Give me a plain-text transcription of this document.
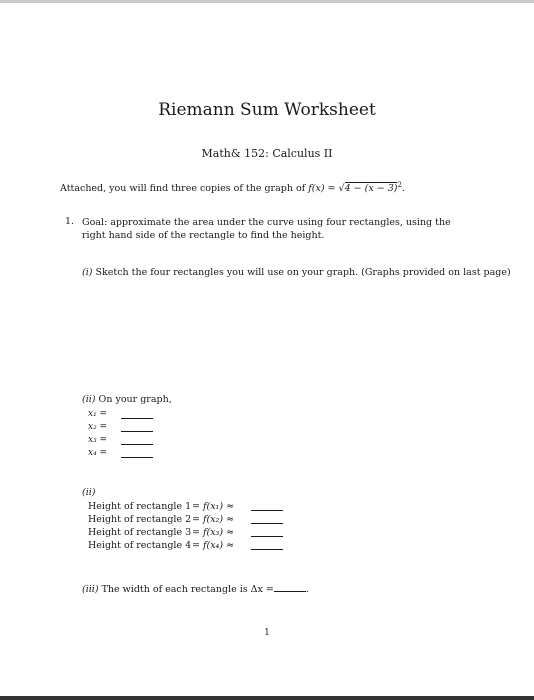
Riemann Sum Worksheet
Math& 152: Calculus II
Attached, you will find three copies of the graph of $f(x) = √4 - (x - 3)^2$.
1. Goal: approximate the area under the curve using four rectangles, using the right hand side of the rectangle to find the height.
(i) Sketch the four rectangles you will use on your graph. (Graphs provided on last page)
(ii) On your graph,
x₁ =
x₂ =
x₃ =
x₄ =
(ii)
Height of rectangle 1= f(x₁) ≈
Height of rectangle 2= f(x₂) ≈
Height of rectangle 3= f(x₃) ≈
Height of rectangle 4= f(x₄) ≈
(iii) The width of each rectangle is Δx =	.
1
